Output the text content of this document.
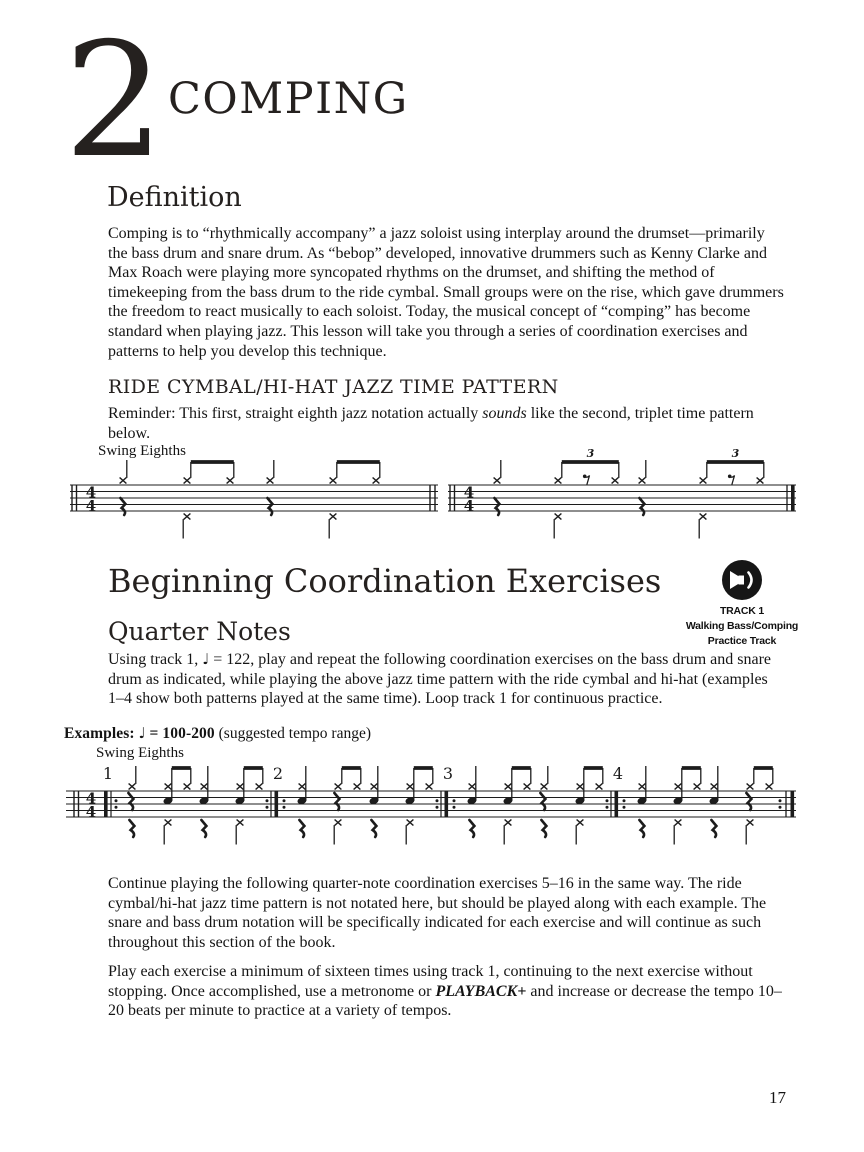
2 COMPING
Definition
Comping is to “rhythmically accompany” a jazz soloist using interplay around the drumset—primarily the bass drum and snare drum. As “bebop” developed, innovative drummers such as Kenny Clarke and Max Roach were playing more syncopated rhythms on the drumset, and shifting the method of timekeeping from the bass drum to the ride cymbal. Small groups were on the rise, which gave drummers the freedom to react musically to each soloist. Today, the musical concept of “comping” has become standard when playing jazz. This lesson will take you through a series of coordination exercises and patterns to help you develop this technique.
RIDE CYMBAL/HI-HAT JAZZ TIME PATTERN
Reminder: This first, straight eighth jazz notation actually sounds like the second, triplet time pattern below.
Swing Eighths
4
4
4
4
3	3
Beginning Coordination Exercises
TRACK 1
Walking Bass/Comping
Practice Track
Quarter Notes
Using track 1, ♩ = 122, play and repeat the following coordination exercises on the bass drum and snare drum as indicated, while playing the above jazz time pattern with the ride cymbal and hi-hat (examples 1–4 show both patterns played at the same time). Loop track 1 for continuous practice.
Examples: ♩ = 100-200 (suggested tempo range)
Swing Eighths
4
4
1	2	3	4
Continue playing the following quarter-note coordination exercises 5–16 in the same way. The ride cymbal/hi-hat jazz time pattern is not notated here, but should be played along with each example. The snare and bass drum notation will be specifically indicated for each exercise and will continue as such throughout this section of the book.
Play each exercise a minimum of sixteen times using track 1, continuing to the next exercise without stopping. Once accomplished, use a metronome or PLAYBACK+ and increase or decrease the tempo 10–20 beats per minute to practice at a variety of tempos.
17
